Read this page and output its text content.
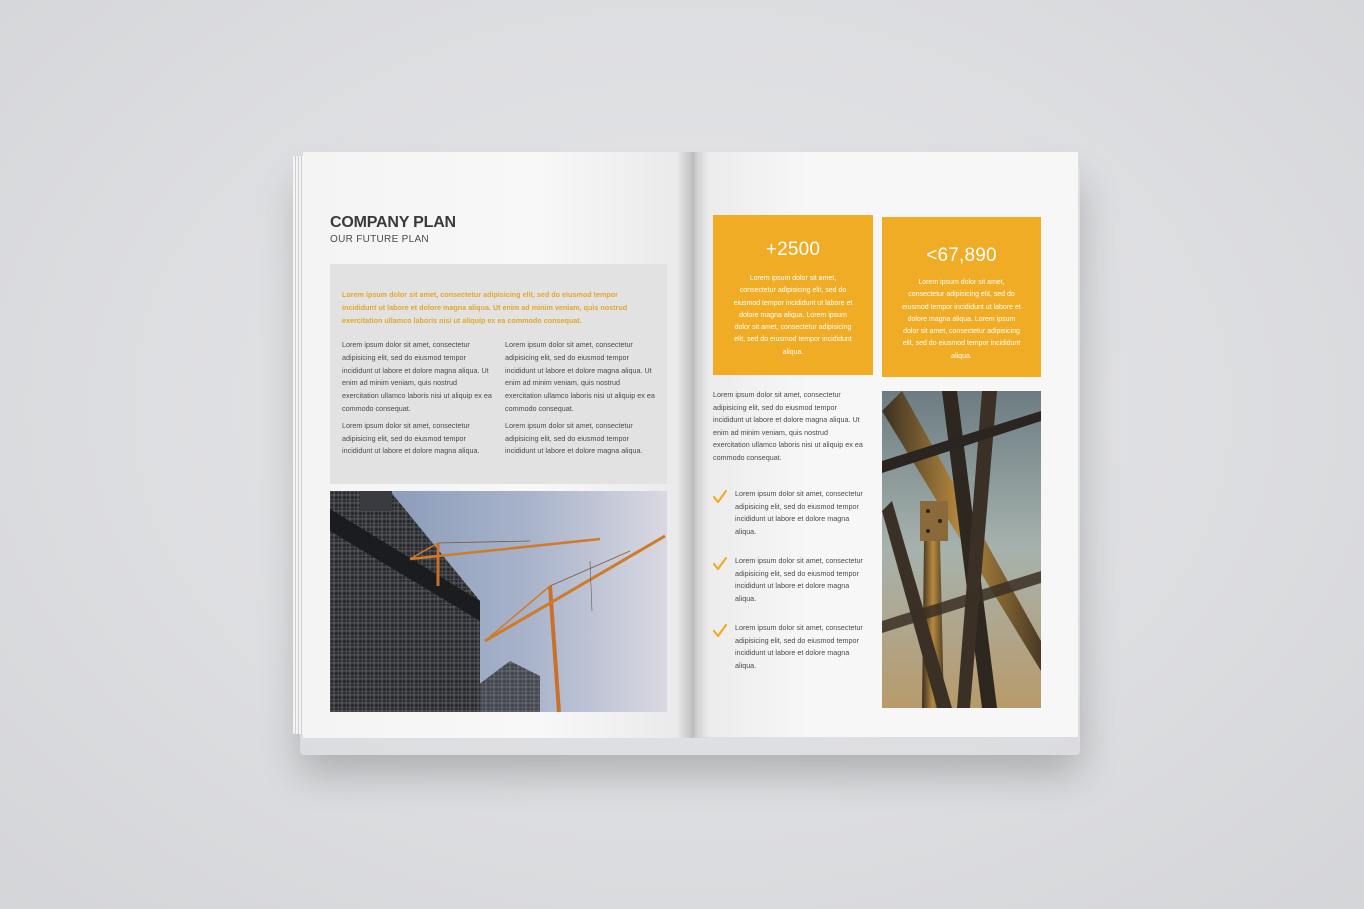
COMPANY PLAN
OUR FUTURE PLAN
Lorem ipsum dolor sit amet, consectetur adipisicing elit, sed do eiusmod tempor incididunt ut labore et dolore magna aliqua. Ut enim ad minim veniam, quis nostrud exercitation ullamco laboris nisi ut aliquip ex ea commodo consequat.

Lorem ipsum dolor sit amet, consectetur adipisicing elit, sed do eiusmod tempor incididunt ut labore et dolore magna aliqua. Ut enim ad minim veniam, quis nostrud exercitation ullamco laboris nisi ut aliquip ex ea commodo consequat.

Lorem ipsum dolor sit amet, consectetur adipisicing elit, sed do eiusmod tempor incididunt ut labore et dolore magna aliqua.

Lorem ipsum dolor sit amet, consectetur adipisicing elit, sed do eiusmod tempor incididunt ut labore et dolore magna aliqua. Ut enim ad minim veniam, quis nostrud exercitation ullamco laboris nisi ut aliquip ex ea commodo consequat.

Lorem ipsum dolor sit amet, consectetur adipisicing elit, sed do eiusmod tempor incididunt ut labore et dolore magna aliqua.

+2500
Lorem ipsum dolor sit amet, consectetur adipisicing elit, sed do eiusmod tempor incididunt ut labore et dolore magna aliqua. Lorem ipsum dolor sit amet, consectetur adipisicing elit, sed do eiusmod tempor incididunt aliqua.
<67,890
Lorem ipsum dolor sit amet, consectetur adipisicing elit, sed do eiusmod tempor incididunt ut labore et dolore magna aliqua. Lorem ipsum dolor sit amet, consectetur adipisicing elit, sed do eiusmod tempor incididunt aliqua.
Lorem ipsum dolor sit amet, consectetur adipisicing elit, sed do eiusmod tempor incididunt ut labore et dolore magna aliqua. Ut enim ad minim veniam, quis nostrud exercitation ullamco laboris nisi ut aliquip ex ea commodo consequat.
Lorem ipsum dolor sit amet, consectetur adipisicing elit, sed do eiusmod tempor incididunt ut labore et dolore magna aliqua.
Lorem ipsum dolor sit amet, consectetur adipisicing elit, sed do eiusmod tempor incididunt ut labore et dolore magna aliqua.
Lorem ipsum dolor sit amet, consectetur adipisicing elit, sed do eiusmod tempor incididunt ut labore et dolore magna aliqua.
